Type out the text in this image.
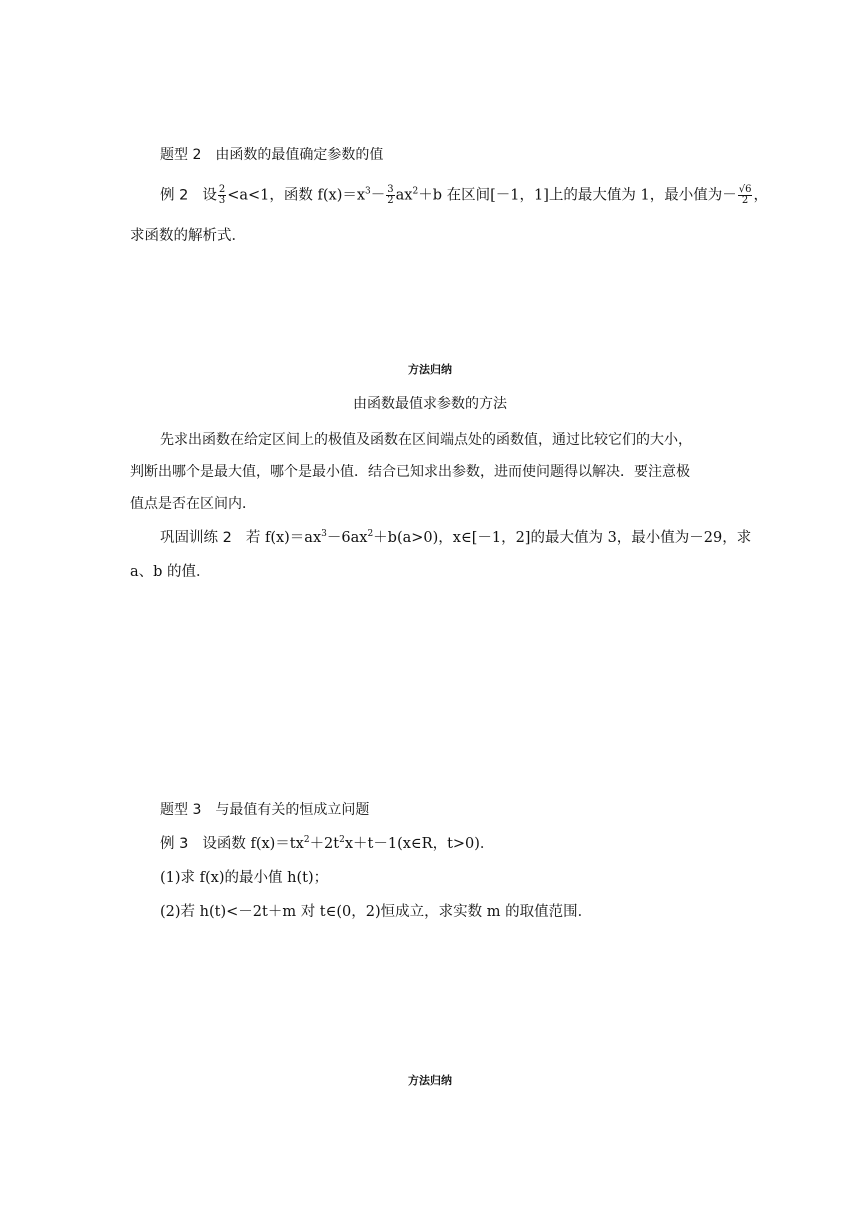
题型 2 由函数的最值确定参数的值
例 2 设 $\frac{2}{3} <a<1$，函数 $f(x)=x^3- \frac{3}{2} ax^2+b$ 在区间[－1，1]上的最大值为 1，最小值为－ $\frac{√6}{2}$ ，
求函数的解析式．
方法归纳
由函数最值求参数的方法
先求出函数在给定区间上的极值及函数在区间端点处的函数值，通过比较它们的大小，
判断出哪个是最大值，哪个是最小值．结合已知求出参数，进而使问题得以解决．要注意极
值点是否在区间内．
巩固训练 2 若 $f(x)=ax^3-6ax^2+b(a>0)$，x∈[－1，2]的最大值为 3，最小值为－29，求
a、b 的值．
题型 3 与最值有关的恒成立问题
例 3 设函数 $f(x)=tx^2+2t^2x+t-1(x\in R$，t>0)．
(1)求 f(x)的最小值 h(t)；
(2)若 h(t)<－2t＋m 对 t∈(0，2)恒成立，求实数 m 的取值范围．
方法归纳
